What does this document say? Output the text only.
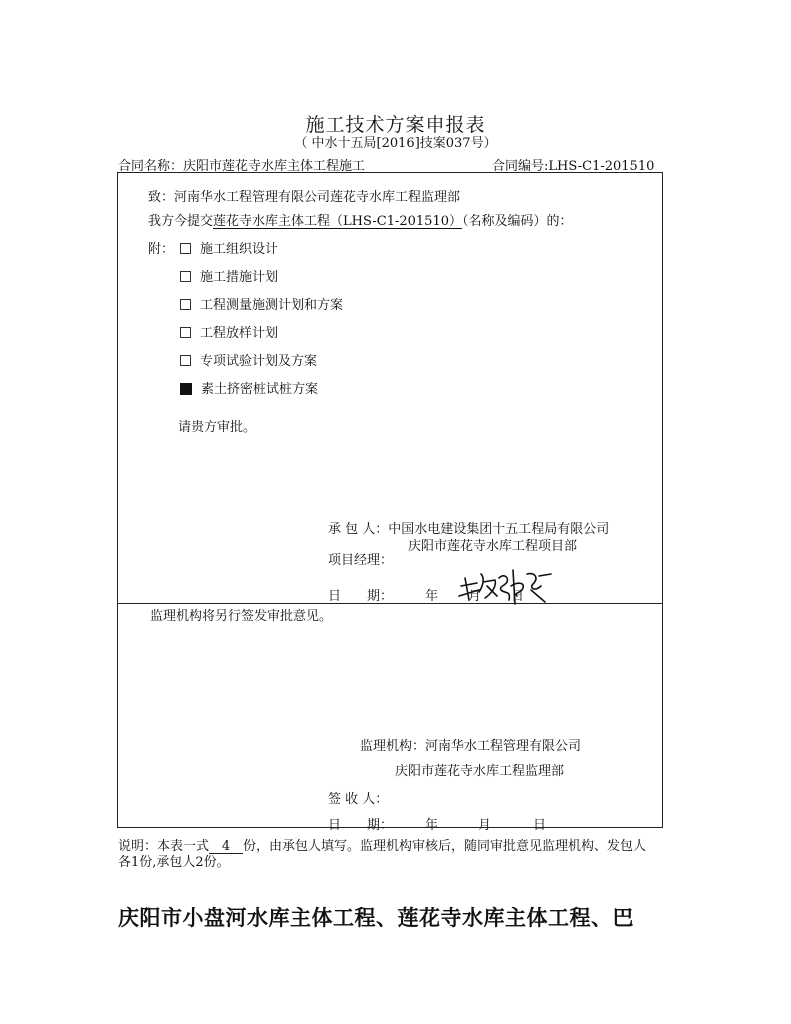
施工技术方案申报表
（ 中水十五局[2016]技案037号）
合同名称：庆阳市莲花寺水库主体工程施工	合同编号:LHS-C1-201510
致：河南华水工程管理有限公司莲花寺水库工程监理部
我方今提交莲花寺水库主体工程（LHS-C1-201510）（名称及编码）的：
附：	施工组织设计
施工措施计划
工程测量施测计划和方案
工程放样计划
专项试验计划及方案
素土挤密桩试桩方案
请贵方审批。
承 包 人：中国水电建设集团十五工程局有限公司
庆阳市莲花寺水库工程项目部
项目经理：
日　　期： 年 月 日
监理机构将另行签发审批意见。
监理机构：河南华水工程管理有限公司
庆阳市莲花寺水库工程监理部
签 收 人：
日　　期： 年	月	日
说明：本表一式 4 份，由承包人填写。监理机构审核后，随同审批意见监理机构、发包人
各1份,承包人2份。
庆阳市小盘河水库主体工程、莲花寺水库主体工程、巴
